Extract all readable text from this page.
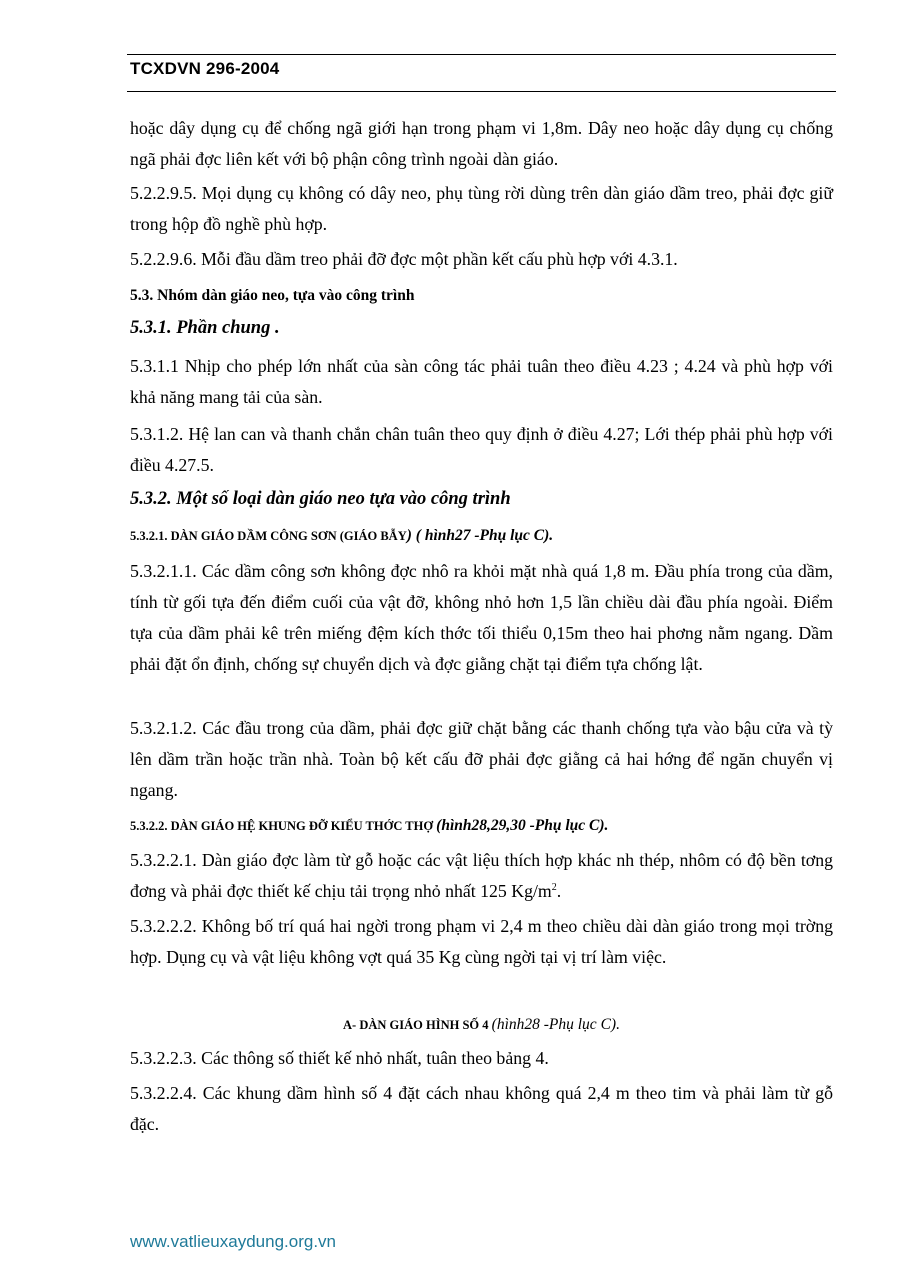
TCXDVN 296-2004

hoặc dây dụng cụ để chống ngã giới hạn trong phạm vi 1,8m. Dây neo hoặc dây dụng cụ chống ngã phải đợc liên kết với bộ phận công trình ngoài dàn giáo.

5.2.2.9.5. Mọi dụng cụ không có dây neo, phụ tùng rời dùng trên dàn giáo dầm treo, phải đợc giữ trong hộp đồ nghề phù hợp.

5.2.2.9.6. Mỗi đầu dầm treo phải đỡ đợc một phần kết cấu phù hợp với 4.3.1.

5.3. Nhóm dàn giáo neo, tựa vào công trình

5.3.1. Phần chung .

5.3.1.1 Nhịp cho phép lớn nhất của sàn công tác phải tuân theo điều 4.23 ; 4.24 và phù hợp với khả năng mang tải của sàn.

5.3.1.2. Hệ lan can và thanh chắn chân tuân theo quy định ở điều 4.27; Lới thép phải phù hợp với điều 4.27.5.

5.3.2. Một số loại dàn giáo neo tựa vào công trình

5.3.2.1. DÀN GIÁO DẦM CÔNG SƠN (GIÁO BẪY) ( hình27 -Phụ lục C).

5.3.2.1.1. Các dầm công sơn không đợc nhô ra khỏi mặt nhà quá 1,8 m. Đầu phía trong của dầm, tính từ gối tựa đến điểm cuối của vật đỡ, không nhỏ hơn 1,5 lần chiều dài đầu phía ngoài. Điểm tựa của dầm phải kê trên miếng đệm kích thớc tối thiểu 0,15m theo hai phơng nằm ngang. Dầm phải đặt ổn định, chống sự chuyển dịch và đợc giằng chặt tại điểm tựa chống lật.

5.3.2.1.2. Các đầu trong của dầm, phải đợc giữ chặt bằng các thanh chống tựa vào bậu cửa và tỳ lên dầm trần hoặc trần nhà. Toàn bộ kết cấu đỡ phải đợc giằng cả hai hớng để ngăn chuyển vị ngang.

5.3.2.2. DÀN GIÁO HỆ KHUNG ĐỠ KIỂU THỚC THỢ (hình28,29,30 -Phụ lục C).

5.3.2.2.1. Dàn giáo đợc làm từ gỗ hoặc các vật liệu thích hợp khác nh thép, nhôm có độ bền tơng đơng và phải đợc thiết kế chịu tải trọng nhỏ nhất 125 $Kg/m^2$.

5.3.2.2.2. Không bố trí quá hai ngời trong phạm vi 2,4 m theo chiều dài dàn giáo trong mọi trờng hợp. Dụng cụ và vật liệu không vợt quá 35 Kg cùng ngời tại vị trí làm việc.

A- DÀN GIÁO HÌNH SỐ 4 (hình28 -Phụ lục C).

5.3.2.2.3. Các thông số thiết kế nhỏ nhất, tuân theo bảng 4.

5.3.2.2.4. Các khung dầm hình số 4 đặt cách nhau không quá 2,4 m theo tim và phải làm từ gỗ đặc.

www.vatlieuxaydung.org.vn
